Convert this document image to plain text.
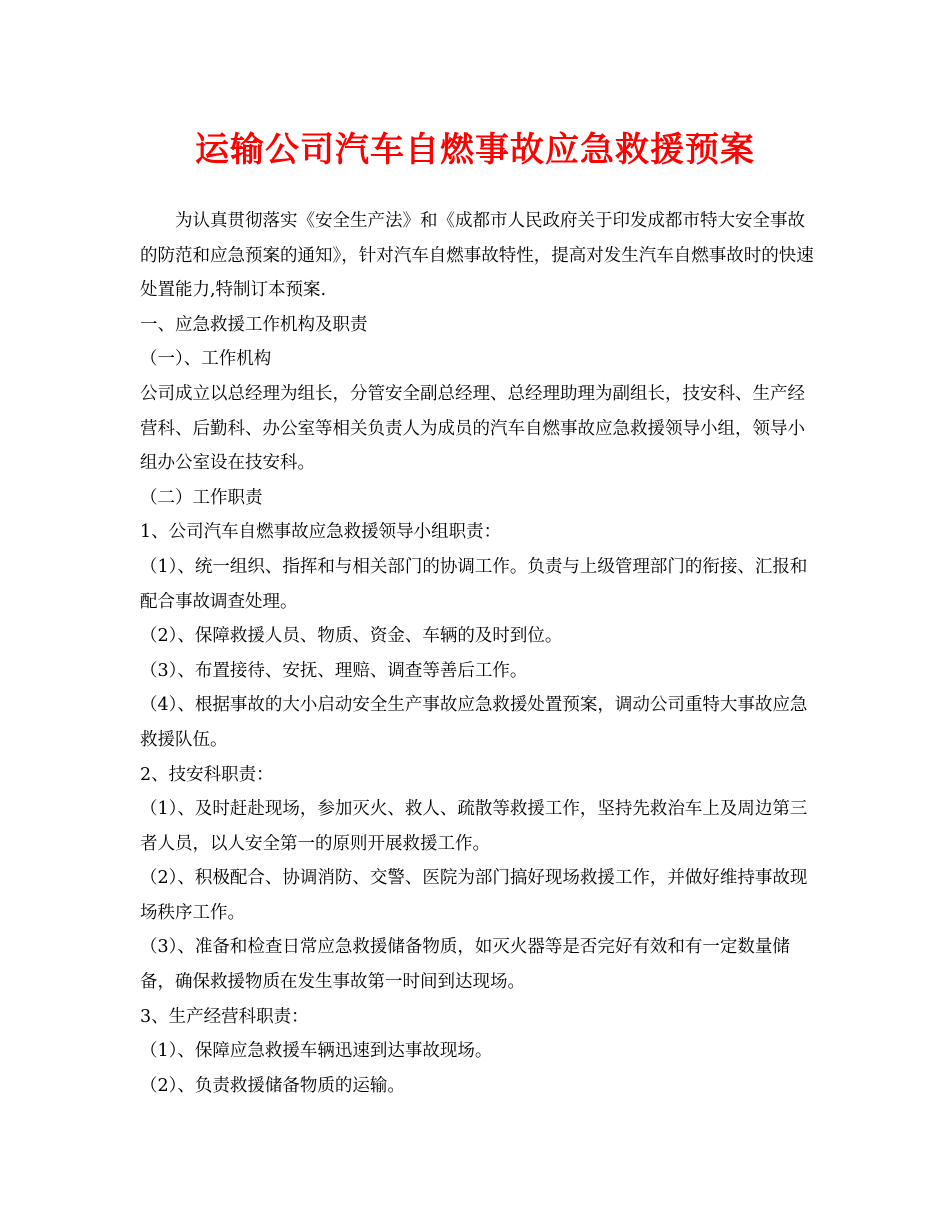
运输公司汽车自燃事故应急救援预案

为认真贯彻落实《安全生产法》和《成都市人民政府关于印发成都市特大安全事故的防范和应急预案的通知》，针对汽车自燃事故特性，提高对发生汽车自燃事故时的快速处置能力,特制订本预案.

一、应急救援工作机构及职责

（一）、工作机构

公司成立以总经理为组长，分管安全副总经理、总经理助理为副组长，技安科、生产经营科、后勤科、办公室等相关负责人为成员的汽车自燃事故应急救援领导小组，领导小组办公室设在技安科。

（二）工作职责

1、公司汽车自燃事故应急救援领导小组职责：

（1）、统一组织、指挥和与相关部门的协调工作。负责与上级管理部门的衔接、汇报和配合事故调查处理。

（2）、保障救援人员、物质、资金、车辆的及时到位。

（3）、布置接待、安抚、理赔、调查等善后工作。

（4）、根据事故的大小启动安全生产事故应急救援处置预案，调动公司重特大事故应急救援队伍。

2、技安科职责：

（1）、及时赶赴现场，参加灭火、救人、疏散等救援工作，坚持先救治车上及周边第三者人员，以人安全第一的原则开展救援工作。

（2）、积极配合、协调消防、交警、医院为部门搞好现场救援工作，并做好维持事故现场秩序工作。

（3）、准备和检查日常应急救援储备物质，如灭火器等是否完好有效和有一定数量储备，确保救援物质在发生事故第一时间到达现场。

3、生产经营科职责：

（1）、保障应急救援车辆迅速到达事故现场。

（2）、负责救援储备物质的运输。
